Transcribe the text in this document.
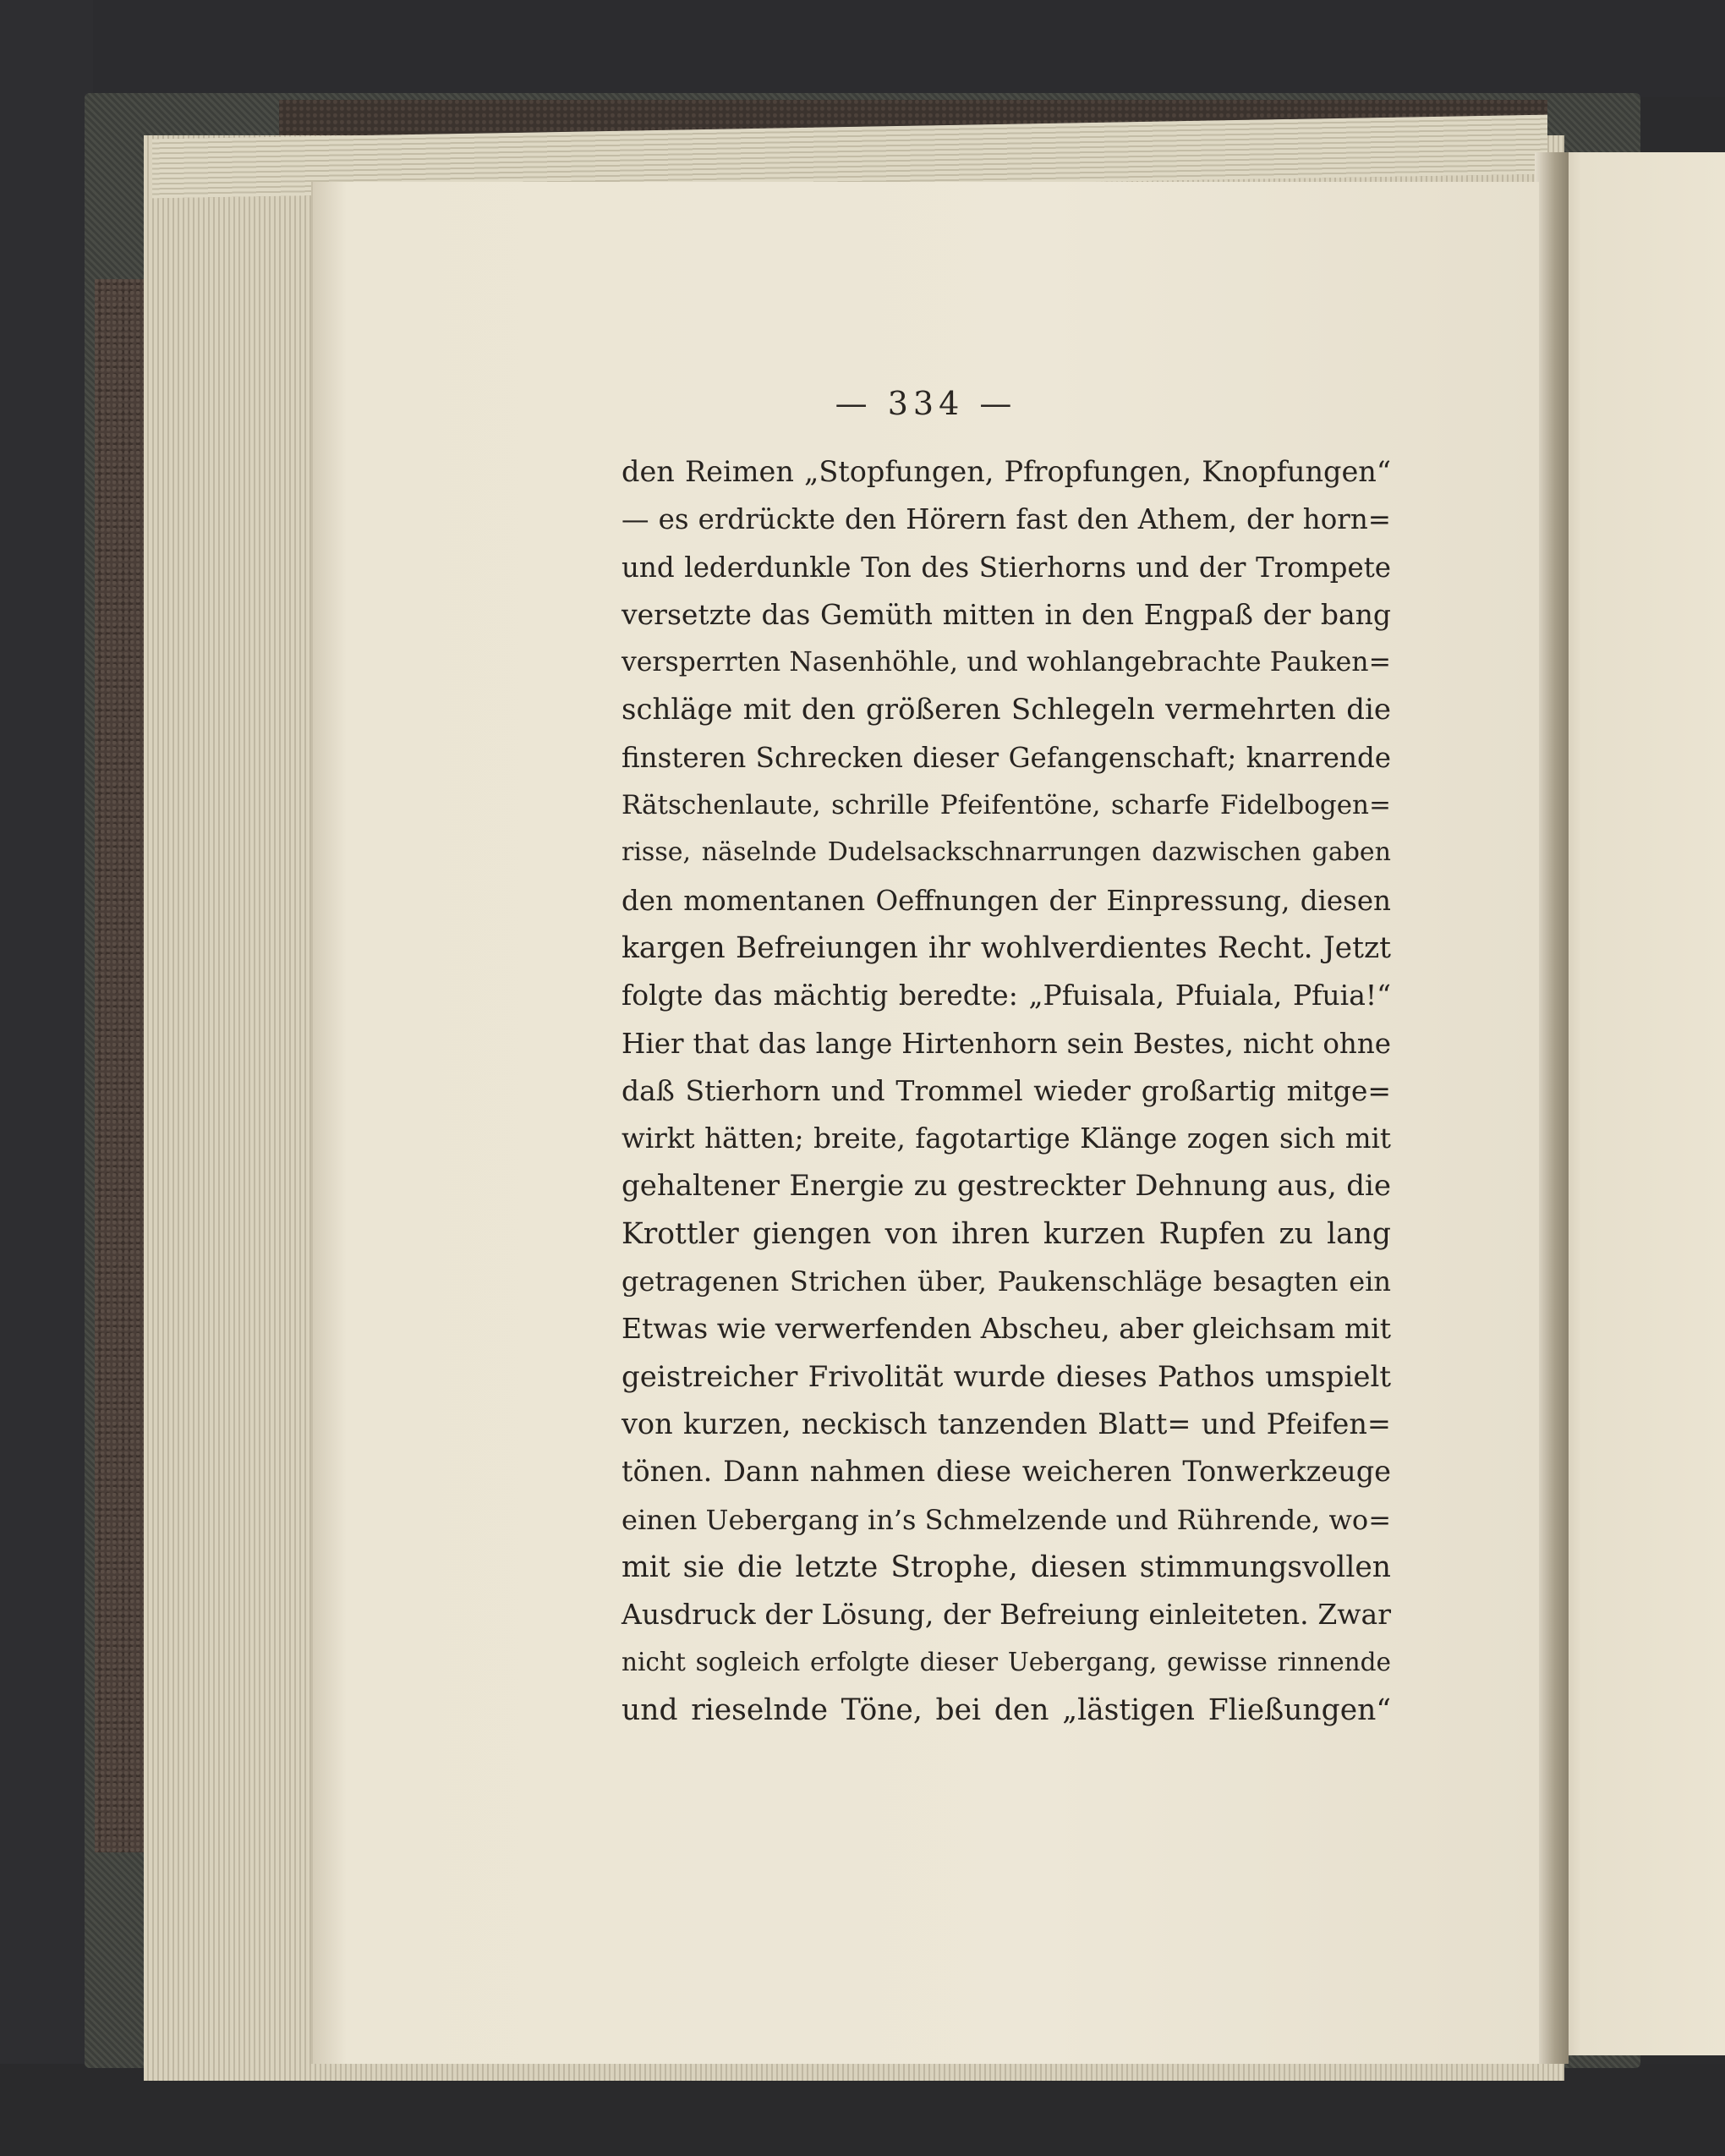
— 334 —
den Reimen „Stopfungen, Pfropfungen, Knopfungen“
— es erdrückte den Hörern fast den Athem, der horn=
und lederdunkle Ton des Stierhorns und der Trompete
versetzte das Gemüth mitten in den Engpaß der bang
versperrten Nasenhöhle, und wohlangebrachte Pauken=
schläge mit den größeren Schlegeln vermehrten die
finsteren Schrecken dieser Gefangenschaft; knarrende
Rätschenlaute, schrille Pfeifentöne, scharfe Fidelbogen=
risse, näselnde Dudelsackschnarrungen dazwischen gaben
den momentanen Oeffnungen der Einpressung, diesen
kargen Befreiungen ihr wohlverdientes Recht. Jetzt
folgte das mächtig beredte: „Pfuisala, Pfuiala, Pfuia!“
Hier that das lange Hirtenhorn sein Bestes, nicht ohne
daß Stierhorn und Trommel wieder großartig mitge=
wirkt hätten; breite, fagotartige Klänge zogen sich mit
gehaltener Energie zu gestreckter Dehnung aus, die
Krottler giengen von ihren kurzen Rupfen zu lang
getragenen Strichen über, Paukenschläge besagten ein
Etwas wie verwerfenden Abscheu, aber gleichsam mit
geistreicher Frivolität wurde dieses Pathos umspielt
von kurzen, neckisch tanzenden Blatt= und Pfeifen=
tönen. Dann nahmen diese weicheren Tonwerkzeuge
einen Uebergang in’s Schmelzende und Rührende, wo=
mit sie die letzte Strophe, diesen stimmungsvollen
Ausdruck der Lösung, der Befreiung einleiteten. Zwar
nicht sogleich erfolgte dieser Uebergang, gewisse rinnende
und rieselnde Töne, bei den „lästigen Fließungen“
